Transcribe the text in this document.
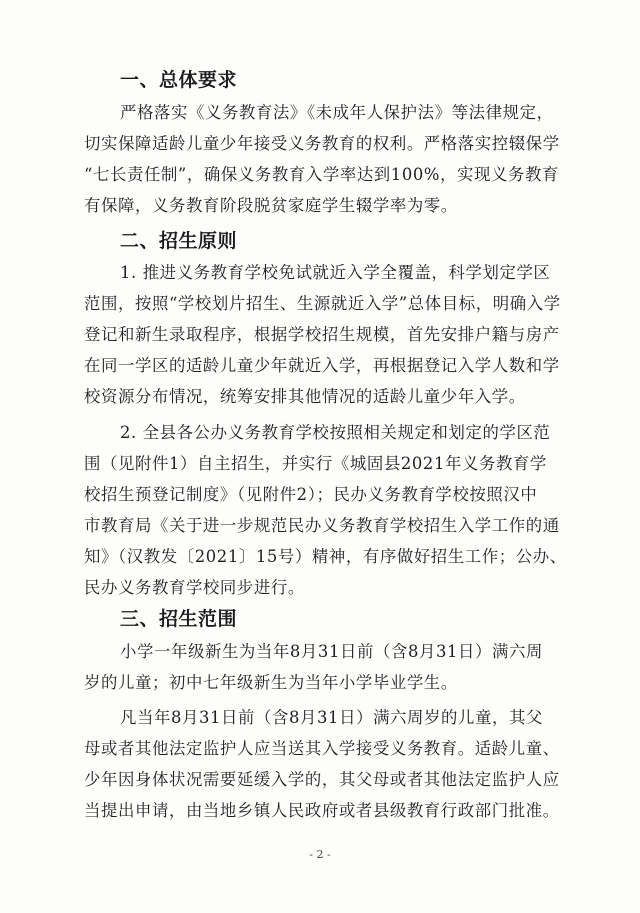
一、总体要求
严格落实《义务教育法》《未成年人保护法》等法律规定，
切实保障适龄儿童少年接受义务教育的权利。严格落实控辍保学
“七长责任制”，确保义务教育入学率达到100%，实现义务教育
有保障，义务教育阶段脱贫家庭学生辍学率为零。
二、招生原则
1. 推进义务教育学校免试就近入学全覆盖，科学划定学区
范围，按照“学校划片招生、生源就近入学”总体目标，明确入学
登记和新生录取程序，根据学校招生规模，首先安排户籍与房产
在同一学区的适龄儿童少年就近入学，再根据登记入学人数和学
校资源分布情况，统筹安排其他情况的适龄儿童少年入学。
2. 全县各公办义务教育学校按照相关规定和划定的学区范
围（见附件1）自主招生，并实行《城固县2021年义务教育学
校招生预登记制度》（见附件2）；民办义务教育学校按照汉中
市教育局《关于进一步规范民办义务教育学校招生入学工作的通
知》（汉教发〔2021〕15号）精神，有序做好招生工作；公办、
民办义务教育学校同步进行。
三、招生范围
小学一年级新生为当年8月31日前（含8月31日）满六周
岁的儿童；初中七年级新生为当年小学毕业学生。
凡当年8月31日前（含8月31日）满六周岁的儿童，其父
母或者其他法定监护人应当送其入学接受义务教育。适龄儿童、
少年因身体状况需要延缓入学的，其父母或者其他法定监护人应
当提出申请，由当地乡镇人民政府或者县级教育行政部门批准。
- 2 -
